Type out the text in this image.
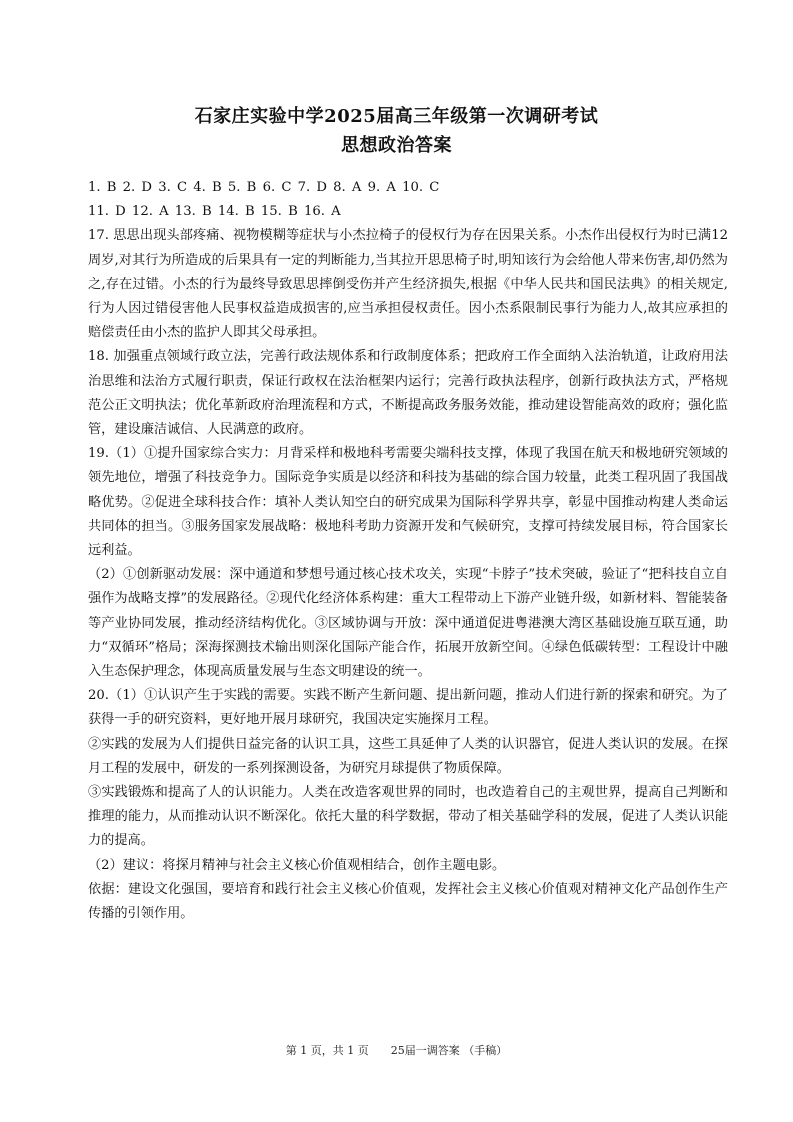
石家庄实验中学2025届高三年级第一次调研考试
思想政治答案
1. B 2. D 3. C 4. B 5. B 6. C 7. D 8. A 9. A 10. C
11. D 12. A 13. B 14. B 15. B 16. A

17. 思思出现头部疼痛、视物模糊等症状与小杰拉椅子的侵权行为存在因果关系。小杰作出侵权行为时已满12周岁,对其行为所造成的后果具有一定的判断能力,当其拉开思思椅子时,明知该行为会给他人带来伤害,却仍然为之,存在过错。小杰的行为最终导致思思摔倒受伤并产生经济损失,根据《中华人民共和国民法典》的相关规定,行为人因过错侵害他人民事权益造成损害的,应当承担侵权责任。因小杰系限制民事行为能力人,故其应承担的赔偿责任由小杰的监护人即其父母承担。

18. 加强重点领域行政立法，完善行政法规体系和行政制度体系；把政府工作全面纳入法治轨道，让政府用法治思维和法治方式履行职责，保证行政权在法治框架内运行；完善行政执法程序，创新行政执法方式，严格规范公正文明执法；优化革新政府治理流程和方式，不断提高政务服务效能，推动建设智能高效的政府；强化监管，建设廉洁诚信、人民满意的政府。

19.（1）①提升国家综合实力：月背采样和极地科考需要尖端科技支撑，体现了我国在航天和极地研究领域的领先地位，增强了科技竞争力。国际竞争实质是以经济和科技为基础的综合国力较量，此类工程巩固了我国战略优势。②促进全球科技合作：填补人类认知空白的研究成果为国际科学界共享，彰显中国推动构建人类命运共同体的担当。③服务国家发展战略：极地科考助力资源开发和气候研究，支撑可持续发展目标，符合国家长远利益。

（2）①创新驱动发展：深中通道和梦想号通过核心技术攻关，实现“卡脖子”技术突破，验证了“把科技自立自强作为战略支撑”的发展路径。②现代化经济体系构建：重大工程带动上下游产业链升级，如新材料、智能装备等产业协同发展，推动经济结构优化。③区域协调与开放：深中通道促进粤港澳大湾区基础设施互联互通，助力“双循环”格局；深海探测技术输出则深化国际产能合作，拓展开放新空间。④绿色低碳转型：工程设计中融入生态保护理念，体现高质量发展与生态文明建设的统一。

20.（1）①认识产生于实践的需要。实践不断产生新问题、提出新问题，推动人们进行新的探索和研究。为了获得一手的研究资料，更好地开展月球研究，我国决定实施探月工程。

②实践的发展为人们提供日益完备的认识工具，这些工具延伸了人类的认识器官，促进人类认识的发展。在探月工程的发展中，研发的一系列探测设备，为研究月球提供了物质保障。

③实践锻炼和提高了人的认识能力。人类在改造客观世界的同时，也改造着自己的主观世界，提高自己判断和推理的能力，从而推动认识不断深化。依托大量的科学数据，带动了相关基础学科的发展，促进了人类认识能力的提高。

（2）建议：将探月精神与社会主义核心价值观相结合，创作主题电影。

依据：建设文化强国，要培育和践行社会主义核心价值观，发挥社会主义核心价值观对精神文化产品创作生产传播的引领作用。

第 1 页，共 1 页 25届一调答案 （手稿）
